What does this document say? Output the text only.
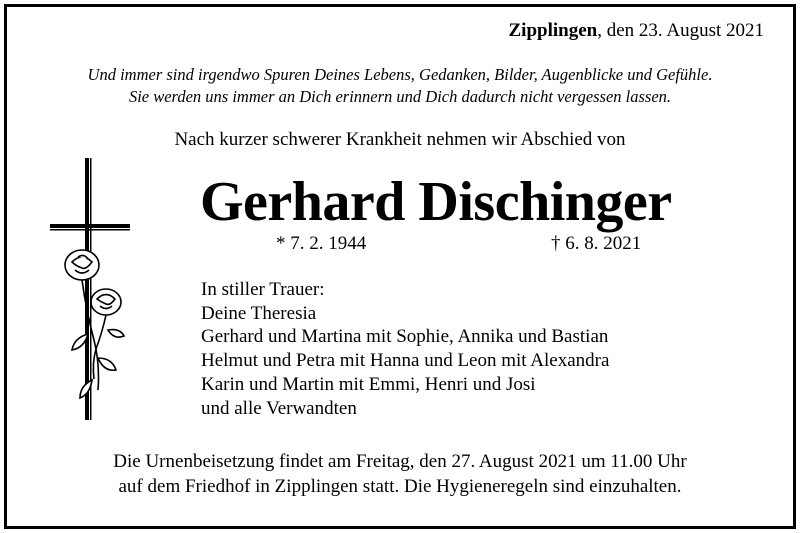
Zipplingen, den 23. August 2021
Und immer sind irgendwo Spuren Deines Lebens, Gedanken, Bilder, Augenblicke und Gefühle.
Sie werden uns immer an Dich erinnern und Dich dadurch nicht vergessen lassen.
Nach kurzer schwerer Krankheit nehmen wir Abschied von
Gerhard Dischinger
* 7. 2. 1944	† 6. 8. 2021
In stiller Trauer:
Deine Theresia
Gerhard und Martina mit Sophie, Annika und Bastian
Helmut und Petra mit Hanna und Leon mit Alexandra
Karin und Martin mit Emmi, Henri und Josi
und alle Verwandten
Die Urnenbeisetzung findet am Freitag, den 27. August 2021 um 11.00 Uhr
auf dem Friedhof in Zipplingen statt. Die Hygieneregeln sind einzuhalten.
